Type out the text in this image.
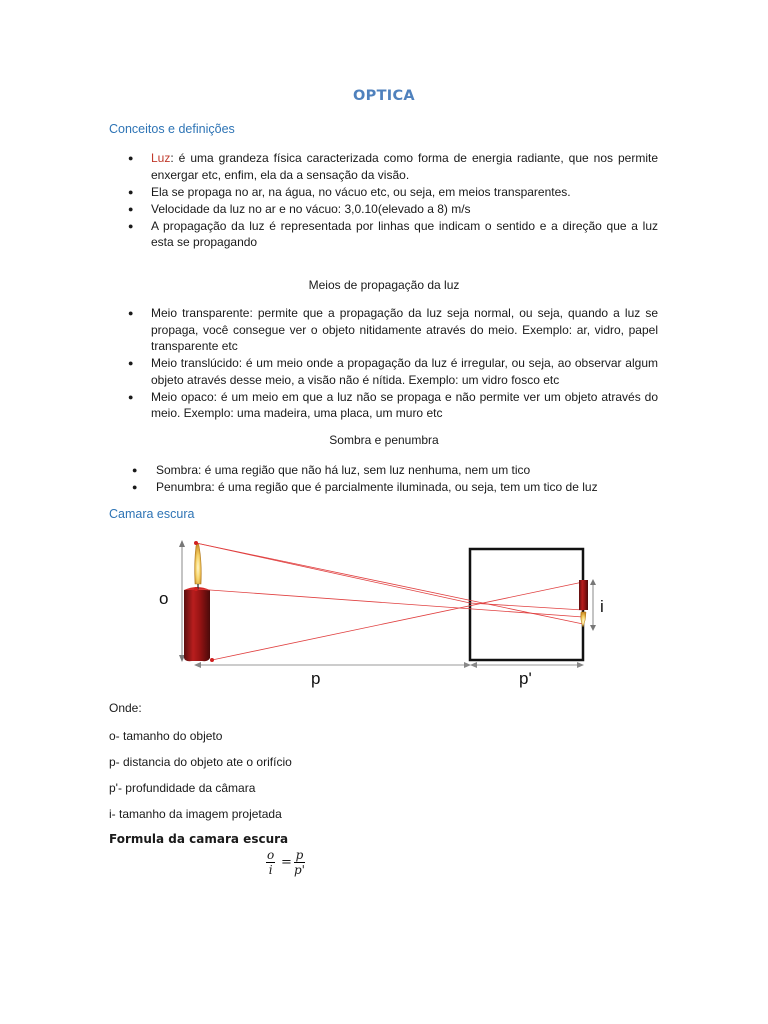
OPTICA
Conceitos e definições
● Luz: é uma grandeza física caracterizada como forma de energia radiante, que nos permite enxergar etc, enfim, ela da a sensação da visão.
● Ela se propaga no ar, na água, no vácuo etc, ou seja, em meios transparentes.
● Velocidade da luz no ar e no vácuo: 3,0.10(elevado a 8) m/s
● A propagação da luz é representada por linhas que indicam o sentido e a direção que a luz esta se propagando
Meios de propagação da luz
● Meio transparente: permite que a propagação da luz seja normal, ou seja, quando a luz se propaga, você consegue ver o objeto nitidamente através do meio. Exemplo: ar, vidro, papel transparente etc
● Meio translúcido: é um meio onde a propagação da luz é irregular, ou seja, ao observar algum objeto através desse meio, a visão não é nítida. Exemplo: um vidro fosco etc
● Meio opaco: é um meio em que a luz não se propaga e não permite ver um objeto através do meio. Exemplo: uma madeira, uma placa, um muro etc
Sombra e penumbra
● Sombra: é uma região que não há luz, sem luz nenhuma, nem um tico
● Penumbra: é uma região que é parcialmente iluminada, ou seja, tem um tico de luz
Camara escura
o	i
p	p'
Onde:
o- tamanho do objeto
p- distancia do objeto ate o orifício
p'- profundidade da câmara
i- tamanho da imagem projetada
Formula da camara escura
$\frac{o}{i} = \frac{p}{p'}$
